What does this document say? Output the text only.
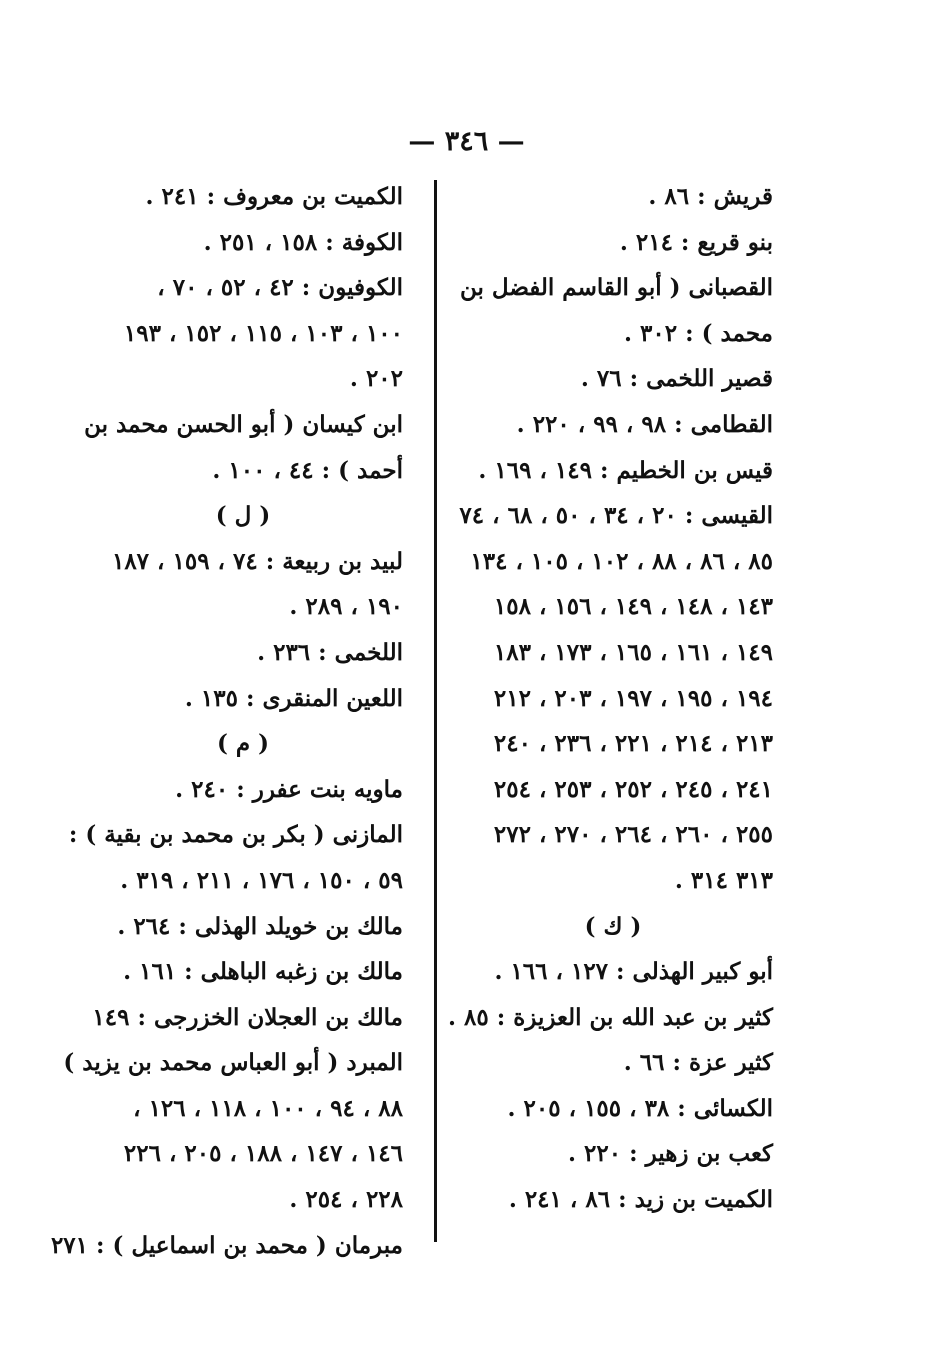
— ٣٤٦ —
قريش : ٨٦ .
بنو قريع : ٢١٤ .
القصبانى ( أبو القاسم الفضل بن
محمد ) : ٣٠٢ .
قصير اللخمى : ٧٦ .
القطامى : ٩٨ ، ٩٩ ، ٢٢٠ .
قيس بن الخطيم : ١٤٩ ، ١٦٩ .
القيسى : ٢٠ ، ٣٤ ، ٥٠ ، ٦٨ ، ٧٤
٨٥ ، ٨٦ ، ٨٨ ، ١٠٢ ، ١٠٥ ، ١٣٤
١٤٣ ، ١٤٨ ، ١٤٩ ، ١٥٦ ، ١٥٨
١٤٩ ، ١٦١ ، ١٦٥ ، ١٧٣ ، ١٨٣
١٩٤ ، ١٩٥ ، ١٩٧ ، ٢٠٣ ، ٢١٢
٢١٣ ، ٢١٤ ، ٢٢١ ، ٢٣٦ ، ٢٤٠
٢٤١ ، ٢٤٥ ، ٢٥٢ ، ٢٥٣ ، ٢٥٤
٢٥٥ ، ٢٦٠ ، ٢٦٤ ، ٢٧٠ ، ٢٧٢
٣١٣ ٣١٤ .
( ك )
أبو كبير الهذلى : ١٢٧ ، ١٦٦ .
كثير بن عبد الله بن العزيزة : ٨٥ .
كثير عزة : ٦٦ .
الكسائى : ٣٨ ، ١٥٥ ، ٢٠٥ .
كعب بن زهير : ٢٢٠ .
الكميت بن زيد : ٨٦ ، ٢٤١ .
الكميت بن معروف : ٢٤١ .
الكوفة : ١٥٨ ، ٢٥١ .
الكوفيون : ٤٢ ، ٥٢ ، ٧٠ ،
١٠٠ ، ١٠٣ ، ١١٥ ، ١٥٢ ، ١٩٣
٢٠٢ .
ابن كيسان ( أبو الحسن محمد بن
أحمد ) : ٤٤ ، ١٠٠ .
( ل )
لبيد بن ربيعة : ٧٤ ، ١٥٩ ، ١٨٧
١٩٠ ، ٢٨٩ .
اللخمى : ٢٣٦ .
اللعين المنقرى : ١٣٥ .
( م )
ماويه بنت عفرر : ٢٤٠ .
المازنى ( بكر بن محمد بن بقية ) :
٥٩ ، ١٥٠ ، ١٧٦ ، ٢١١ ، ٣١٩ .
مالك بن خويلد الهذلى : ٢٦٤ .
مالك بن زغبه الباهلى : ١٦١ .
مالك بن العجلان الخزرجى : ١٤٩
المبرد ( أبو العباس محمد بن يزيد )
٨٨ ، ٩٤ ، ١٠٠ ، ١١٨ ، ١٢٦ ،
١٤٦ ، ١٤٧ ، ١٨٨ ، ٢٠٥ ، ٢٢٦
٢٢٨ ، ٢٥٤ .
مبرمان ( محمد بن اسماعيل ) : ٢٧١
